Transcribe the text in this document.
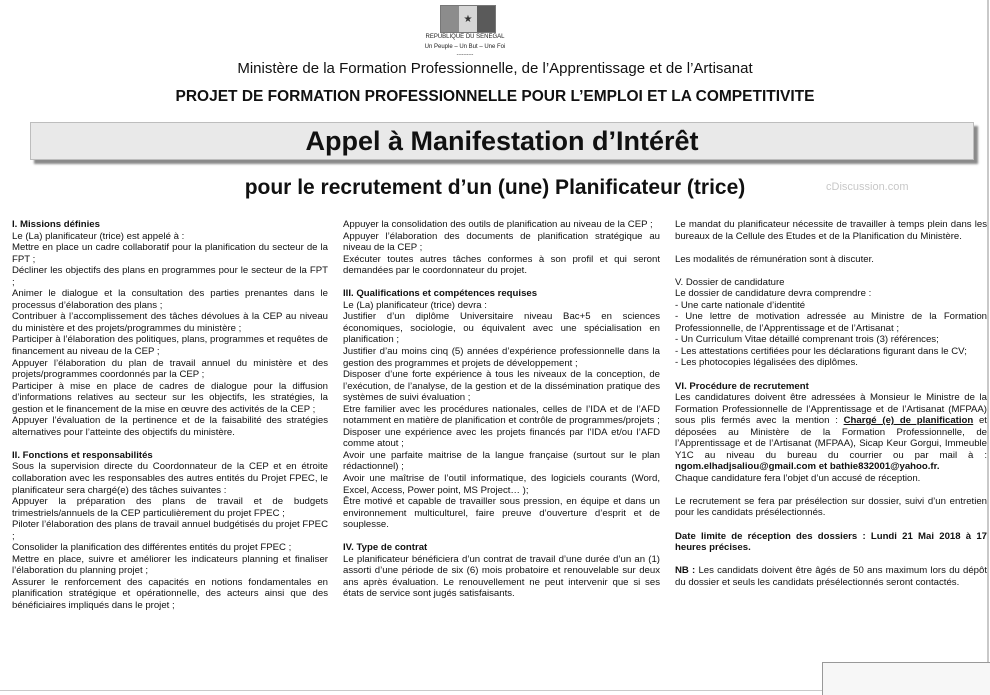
★
REPUBLIQUE DU SENEGAL
Un Peuple – Un But – Une Foi
----------
Ministère de la Formation Professionnelle, de l’Apprentissage et de l’Artisanat
PROJET DE FORMATION PROFESSIONNELLE POUR L’EMPLOI ET LA COMPETITIVITE
Appel à Manifestation d’Intérêt
pour le recrutement d’un (une) Planificateur (trice)	cDiscussion.com

I. Missions définies

Le (La) planificateur (trice) est appelé à :

Mettre en place un cadre collaboratif pour la planification du secteur de la FPT ;

Décliner les objectifs des plans en programmes pour le secteur de la FPT ;

Animer le dialogue et la consultation des parties prenantes dans le processus d’élaboration des plans ;

Contribuer à l’accomplissement des tâches dévolues à la CEP au niveau du ministère et des projets/programmes du ministère ;

Participer à l’élaboration des politiques, plans, programmes et requêtes de financement au niveau de la CEP ;

Appuyer l’élaboration du plan de travail annuel du ministère et des projets/programmes coordonnés par la CEP ;

Participer à mise en place de cadres de dialogue pour la diffusion d’informations relatives au secteur sur les objectifs, les stratégies, la gestion et le financement de la mise en œuvre des activités de la CEP ;

Appuyer l’évaluation de la pertinence et de la faisabilité des stratégies alternatives pour l’atteinte des objectifs du ministère.

II. Fonctions et responsabilités

Sous la supervision directe du Coordonnateur de la CEP et en étroite collaboration avec les responsables des autres entités du Projet FPEC, le planificateur sera chargé(e) des tâches suivantes :

Appuyer la préparation des plans de travail et de budgets trimestriels/annuels de la CEP particulièrement du projet FPEC ;

Piloter l’élaboration des plans de travail annuel budgétisés du projet FPEC ;

Consolider la planification des différentes entités du projet FPEC ;

Mettre en place, suivre et améliorer les indicateurs planning et finaliser l’élaboration du planning projet ;

Assurer le renforcement des capacités en notions fondamentales en planification stratégique et opérationnelle, des acteurs ainsi que des bénéficiaires impliqués dans le projet ;

Appuyer la consolidation des outils de planification au niveau de la CEP ;

Appuyer l’élaboration des documents de planification stratégique au niveau de la CEP ;

Exécuter toutes autres tâches conformes à son profil et qui seront demandées par le coordonnateur du projet.

III. Qualifications et compétences requises

Le (La) planificateur (trice) devra :

Justifier d’un diplôme Universitaire niveau Bac+5 en sciences économiques, sociologie, ou équivalent avec une spécialisation en planification ;

Justifier d’au moins cinq (5) années d’expérience professionnelle dans la gestion des programmes et projets de développement ;

Disposer d’une forte expérience à tous les niveaux de la conception, de l’exécution, de l’analyse, de la gestion et de la dissémination pratique des systèmes de suivi évaluation ;

Etre familier avec les procédures nationales, celles de l’IDA et de l’AFD notamment en matière de planification et contrôle de programmes/projets ;

Disposer une expérience avec les projets financés par l’IDA et/ou l’AFD comme atout ;

Avoir une parfaite maitrise de la langue française (surtout sur le plan rédactionnel) ;

Avoir une maîtrise de l’outil informatique, des logiciels courants (Word, Excel, Access, Power point, MS Project… );

Être motivé et capable de travailler sous pression, en équipe et dans un environnement multiculturel, faire preuve d’ouverture d’esprit et de souplesse.

IV. Type de contrat

Le planificateur bénéficiera d’un contrat de travail d’une durée d’un an (1) assorti d’une période de six (6) mois probatoire et renouvelable sur deux ans après évaluation. Le renouvellement ne peut intervenir que si ses états de service sont jugés satisfaisants.

Le mandat du planificateur nécessite de travailler à temps plein dans les bureaux de la Cellule des Etudes et de la Planification du Ministère.

Les modalités de rémunération sont à discuter.

V. Dossier de candidature

Le dossier de candidature devra comprendre :

- Une carte nationale d’identité

- Une lettre de motivation adressée au Ministre de la Formation Professionnelle, de l’Apprentissage et de l’Artisanat ;

- Un Curriculum Vitae détaillé comprenant trois (3) références;

- Les attestations certifiées pour les déclarations figurant dans le CV;

- Les photocopies légalisées des diplômes.

VI. Procédure de recrutement

Les candidatures doivent être adressées à Monsieur le Ministre de la Formation Professionnelle de l’Apprentissage et de l’Artisanat (MFPAA) sous plis fermés avec la mention : Chargé (e) de planification et déposées au Ministère de la Formation Professionnelle, de l’Apprentissage et de l’Artisanat (MFPAA), Sicap Keur Gorgui, Immeuble Y1C au niveau du bureau du courrier ou par mail à : ngom.elhadjsaliou@gmail.com et bathie832001@yahoo.fr.

Chaque candidature fera l’objet d’un accusé de réception.

Le recrutement se fera par présélection sur dossier, suivi d’un entretien pour les candidats présélectionnés.

Date limite de réception des dossiers : Lundi 21 Mai 2018 à 17 heures précises.

NB : Les candidats doivent être âgés de 50 ans maximum lors du dépôt du dossier et seuls les candidats présélectionnés seront contactés.
